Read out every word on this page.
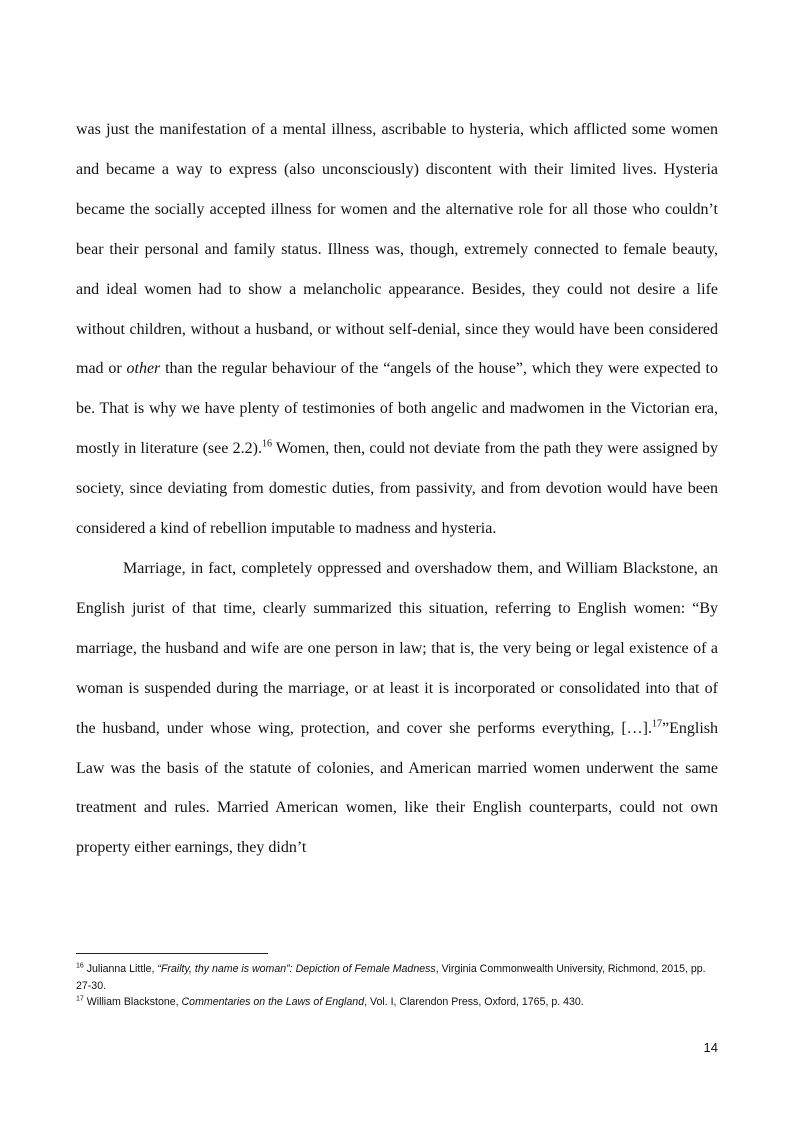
was just the manifestation of a mental illness, ascribable to hysteria, which afflicted some women and became a way to express (also unconsciously) discontent with their limited lives. Hysteria became the socially accepted illness for women and the alternative role for all those who couldn’t bear their personal and family status. Illness was, though, extremely connected to female beauty, and ideal women had to show a melancholic appearance. Besides, they could not desire a life without children, without a husband, or without self-denial, since they would have been considered mad or other than the regular behaviour of the “angels of the house”, which they were expected to be. That is why we have plenty of testimonies of both angelic and madwomen in the Victorian era, mostly in literature (see 2.2).$^{16}$ Women, then, could not deviate from the path they were assigned by society, since deviating from domestic duties, from passivity, and from devotion would have been considered a kind of rebellion imputable to madness and hysteria.

Marriage, in fact, completely oppressed and overshadow them, and William Blackstone, an English jurist of that time, clearly summarized this situation, referring to English women: “By marriage, the husband and wife are one person in law; that is, the very being or legal existence of a woman is suspended during the marriage, or at least it is incorporated or consolidated into that of the husband, under whose wing, protection, and cover she performs everything, […].$^{17}$”English Law was the basis of the statute of colonies, and American married women underwent the same treatment and rules. Married American women, like their English counterparts, could not own property either earnings, they didn’t

$^{16}$ Julianna Little, “Frailty, thy name is woman”: Depiction of Female Madness, Virginia Commonwealth University, Richmond, 2015, pp. 27-30.

$^{17}$ William Blackstone, Commentaries on the Laws of England, Vol. I, Clarendon Press, Oxford, 1765, p. 430.

14
